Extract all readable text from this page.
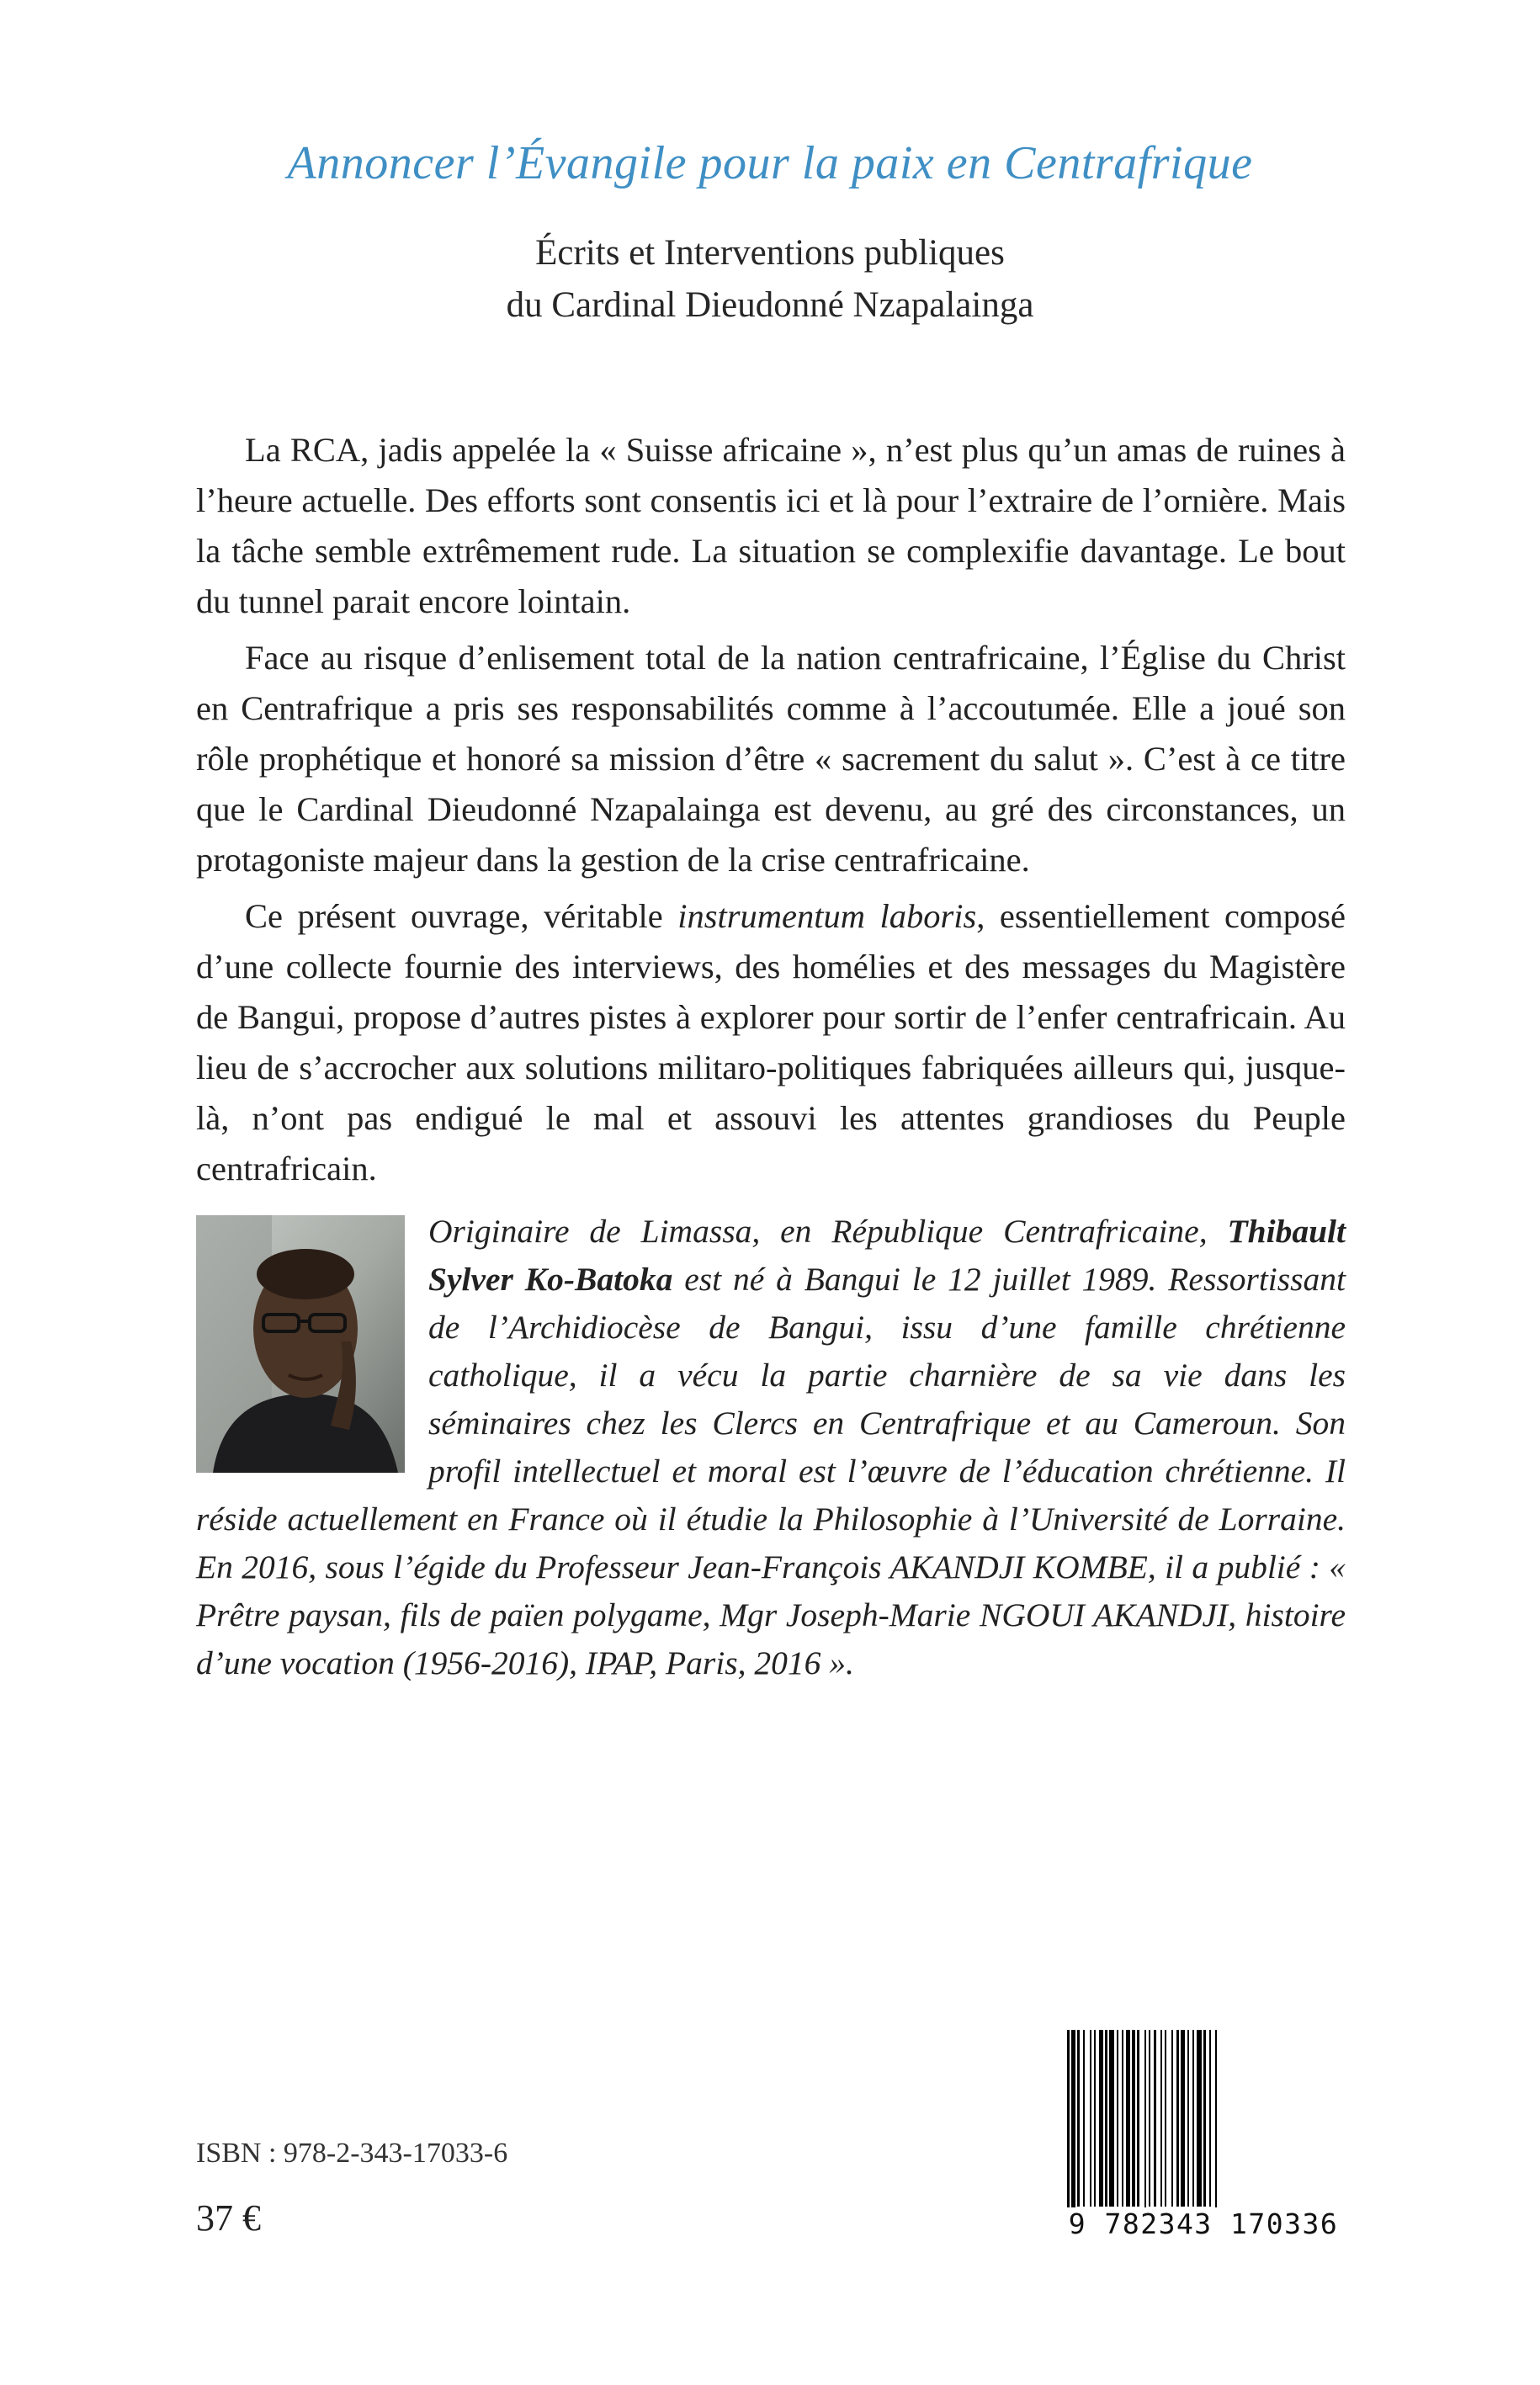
Annoncer l’Évangile pour la paix en Centrafrique
Écrits et Interventions publiques
du Cardinal Dieudonné Nzapalainga

La RCA, jadis appelée la « Suisse africaine », n’est plus qu’un amas de ruines à l’heure actuelle. Des efforts sont consentis ici et là pour l’extraire de l’ornière. Mais la tâche semble extrêmement rude. La situation se complexifie davantage. Le bout du tunnel parait encore lointain.

Face au risque d’enlisement total de la nation centrafricaine, l’Église du Christ en Centrafrique a pris ses responsabilités comme à l’accoutumée. Elle a joué son rôle prophétique et honoré sa mission d’être « sacrement du salut ». C’est à ce titre que le Cardinal Dieudonné Nzapalainga est devenu, au gré des circonstances, un protagoniste majeur dans la gestion de la crise centrafricaine.

Ce présent ouvrage, véritable instrumentum laboris, essentiellement composé d’une collecte fournie des interviews, des homélies et des messages du Magistère de Bangui, propose d’autres pistes à explorer pour sortir de l’enfer centrafricain. Au lieu de s’accrocher aux solutions militaro-politiques fabriquées ailleurs qui, jusque-là, n’ont pas endigué le mal et assouvi les attentes grandioses du Peuple centrafricain.

Originaire de Limassa, en République Centrafricaine, Thibault Sylver Ko-Batoka est né à Bangui le 12 juillet 1989. Ressortissant de l’Archidiocèse de Bangui, issu d’une famille chrétienne catholique, il a vécu la partie charnière de sa vie dans les séminaires chez les Clercs en Centrafrique et au Cameroun. Son profil intellectuel et moral est l’œuvre de l’éducation chrétienne. Il réside actuellement en France où il étudie la Philosophie à l’Université de Lorraine. En 2016, sous l’égide du Professeur Jean-François AKANDJI KOMBE, il a publié : « Prêtre paysan, fils de païen polygame, Mgr Joseph-Marie NGOUI AKANDJI, histoire d’une vocation (1956-2016), IPAP, Paris, 2016 ».

ISBN : 978-2-343-17033-6
37 €	9 782343 170336
